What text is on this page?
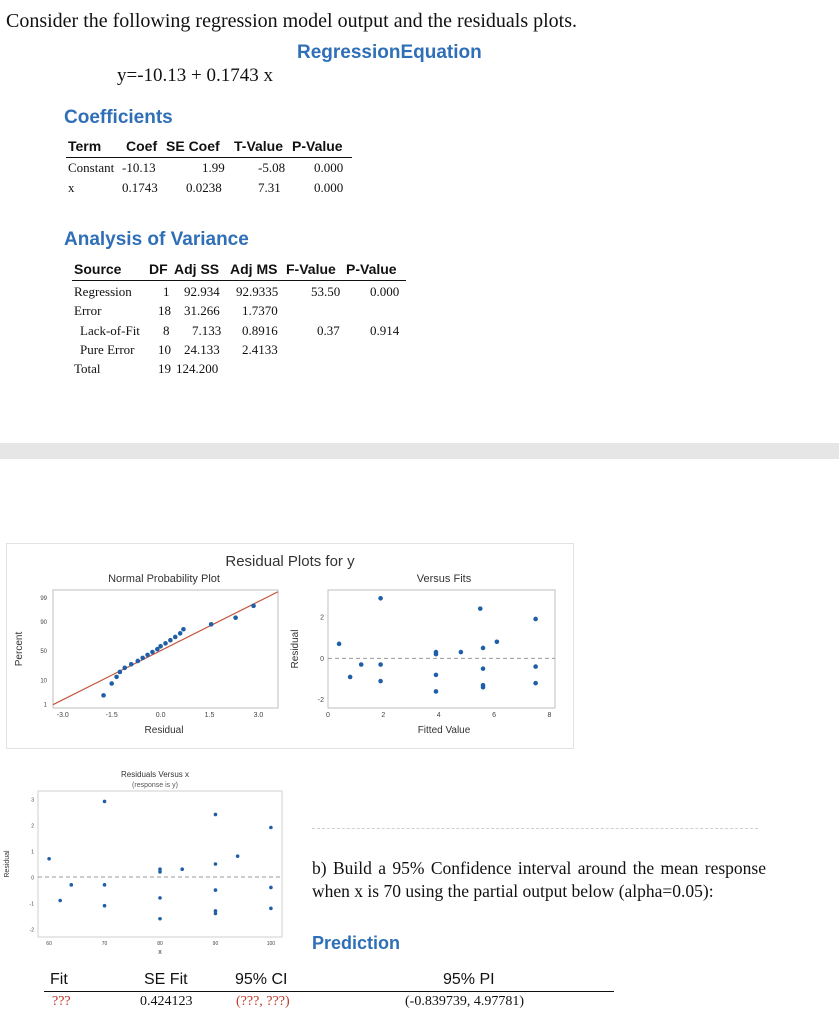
Consider the following regression model output and the residuals plots.
RegressionEquation
y=-10.13 + 0.1743 x
Coefficients
Term Coef SE Coef T-Value P-Value
Constant -10.13	1.99	-5.08 0.000
x	0.1743 0.0238	7.31	0.000
Analysis of Variance
Source DF Adj SS Adj MS F-Value P-Value
Regression 1 92.934 92.9335	53.50 0.000
Error	18 31.266 1.7370
Lack-of-Fit 8 7.133 0.8916	0.37 0.914
Pure Error 10 24.133 2.4133
Total	19 124.200
Residual Plots for y
Normal Probability Plot
-3.0	-1.5	0.0	1.5	3.0
1
10
50
90
99
Residual
Percent
Versus Fits
0	2	4	6	8
-2
0
2
Fitted Value
Residual
Residuals Versus x
(response is y)
60	70	80	90	100
-2
-1
0
1
2
3
x
Residual	b) Build a 95% Confidence interval around the mean response when x is 70 using the partial output below (alpha=0.05):
Prediction
Fit	SE Fit	95% CI	95% PI
???	0.424123	(???, ???)	(-0.839739, 4.97781)
